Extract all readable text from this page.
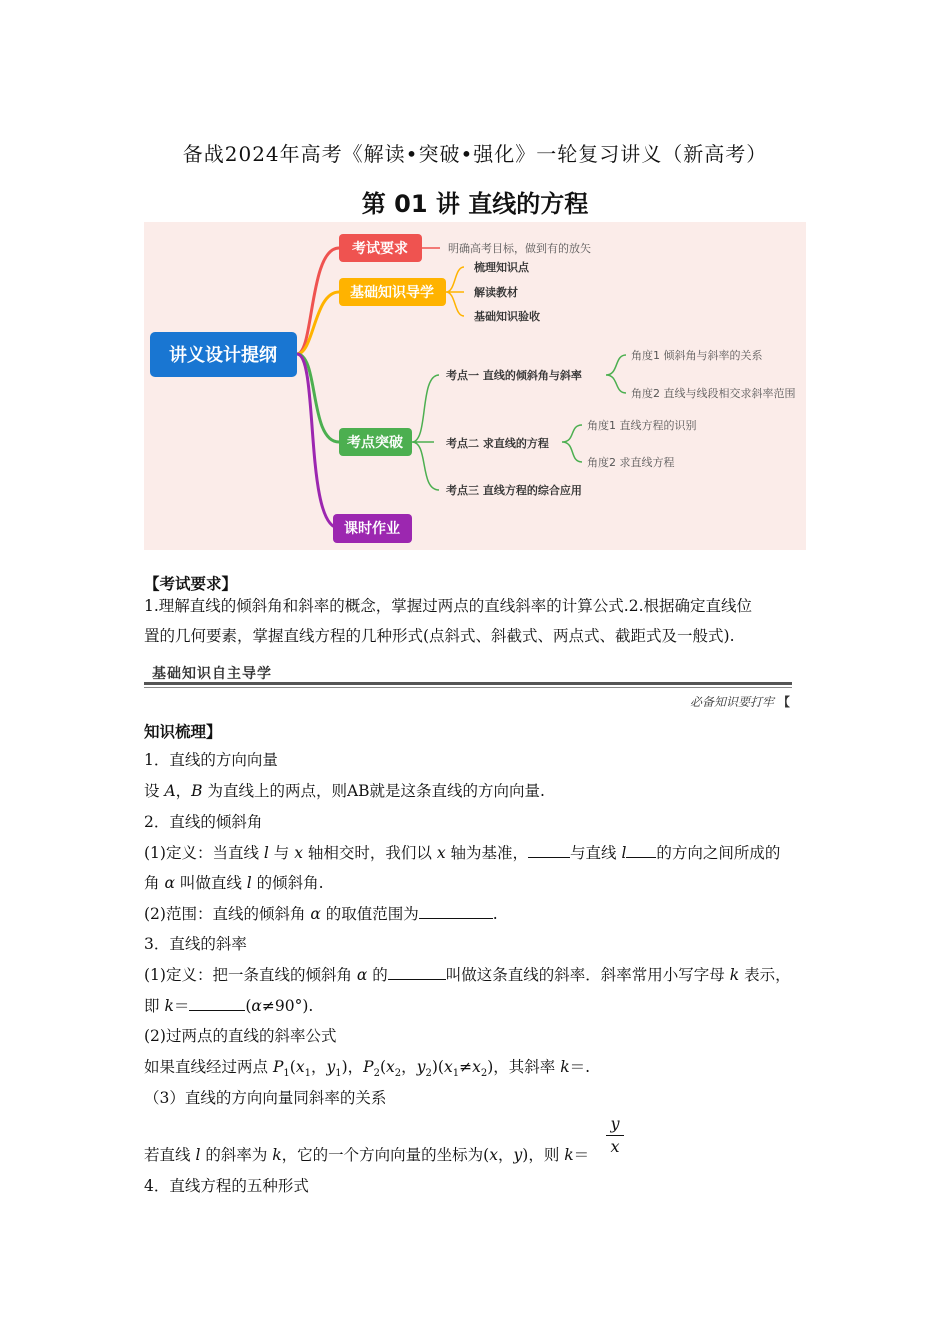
备战2024年高考《解读•突破•强化》一轮复习讲义（新高考）
第 01 讲 直线的方程
讲义设计提纲
考试要求	明确高考目标，做到有的放矢
基础知识导学
梳理知识点
解读教材
基础知识验收
考点突破
考点一 直线的倾斜角与斜率
角度1 倾斜角与斜率的关系
角度2 直线与线段相交求斜率范围
考点二 求直线的方程
角度1 直线方程的识别
角度2 求直线方程
考点三 直线方程的综合应用
课时作业
【考试要求】
1.理解直线的倾斜角和斜率的概念，掌握过两点的直线斜率的计算公式.2.根据确定直线位
置的几何要素，掌握直线方程的几种形式(点斜式、斜截式、两点式、截距式及一般式).
基础知识自主导学
必备知识要打牢 【
知识梳理】
1．直线的方向向量
设 A，B 为直线上的两点，则AB就是这条直线的方向向量.
2．直线的倾斜角
(1)定义：当直线 l 与 x 轴相交时，我们以 x 轴为基准，	与直线 l 的方向之间所成的
角 α 叫做直线 l 的倾斜角.
(2)范围：直线的倾斜角 α 的取值范围为	.
3．直线的斜率
(1)定义：把一条直线的倾斜角 α 的	叫做这条直线的斜率．斜率常用小写字母 k 表示，
即 k＝	(α≠90°).
(2)过两点的直线的斜率公式
如果直线经过两点 $P_1(x_1$，$y_1$)，$P_2(x_2$，$y_2)(x_1\ne x_2)$，其斜率 k＝.
（3）直线的方向向量同斜率的关系
y
x
若直线 l 的斜率为 k，它的一个方向向量的坐标为(x，y)，则 k＝
4．直线方程的五种形式
